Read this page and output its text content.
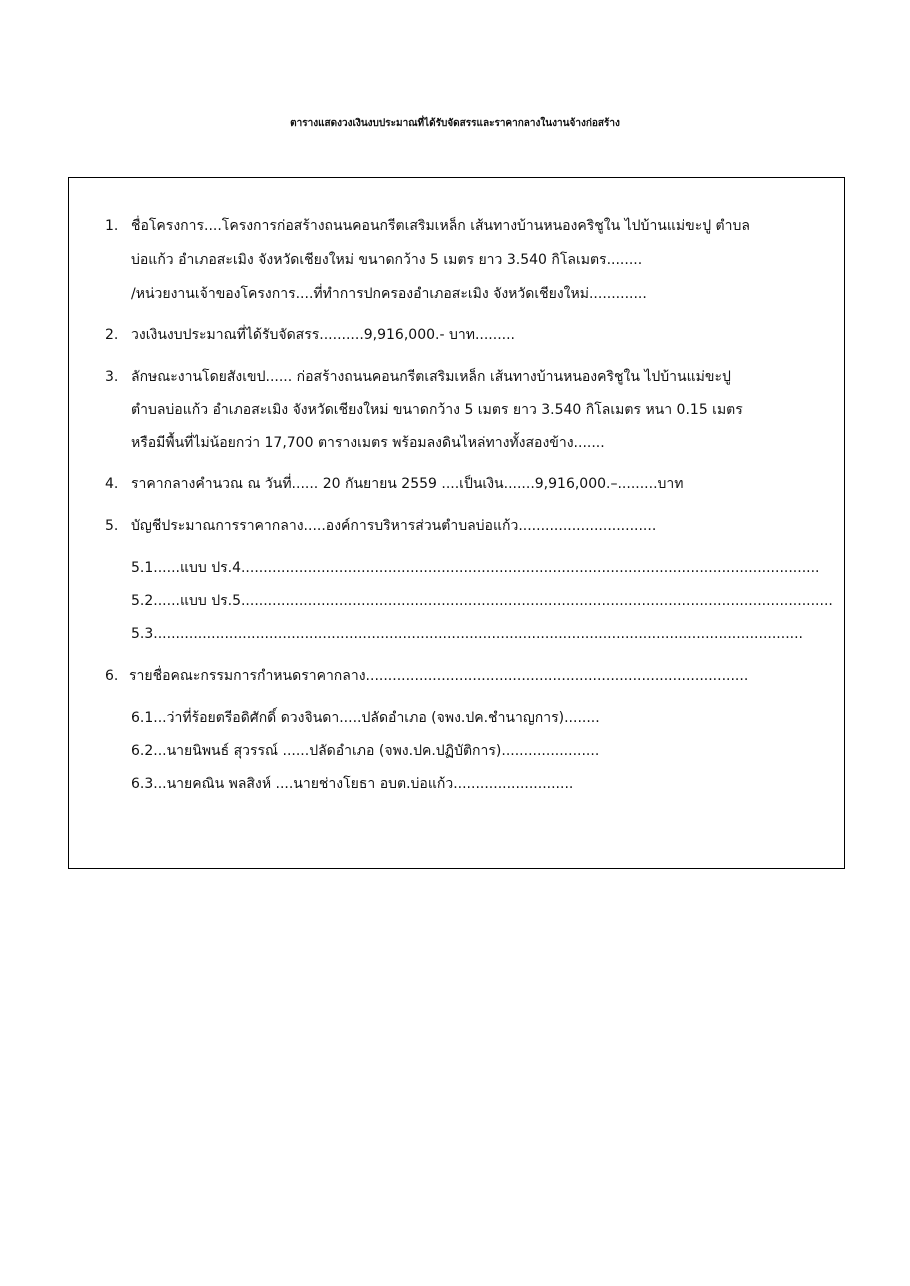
ตารางแสดงวงเงินงบประมาณที่ได้รับจัดสรรและราคากลางในงานจ้างก่อสร้าง
1. ชื่อโครงการ....โครงการก่อสร้างถนนคอนกรีตเสริมเหล็ก เส้นทางบ้านหนองคริชูใน ไปบ้านแม่ขะปู ตำบล
บ่อแก้ว อำเภอสะเมิง จังหวัดเชียงใหม่ ขนาดกว้าง 5 เมตร ยาว 3.540 กิโลเมตร........
/หน่วยงานเจ้าของโครงการ....ที่ทำการปกครองอำเภอสะเมิง จังหวัดเชียงใหม่.............
2. วงเงินงบประมาณที่ได้รับจัดสรร..........9,916,000.- บาท.........
3. ลักษณะงานโดยสังเขป...... ก่อสร้างถนนคอนกรีตเสริมเหล็ก เส้นทางบ้านหนองคริชูใน ไปบ้านแม่ขะปู
ตำบลบ่อแก้ว อำเภอสะเมิง จังหวัดเชียงใหม่ ขนาดกว้าง 5 เมตร ยาว 3.540 กิโลเมตร หนา 0.15 เมตร
หรือมีพื้นที่ไม่น้อยกว่า 17,700 ตารางเมตร พร้อมลงดินไหล่ทางทั้งสองข้าง.......
4. ราคากลางคำนวณ ณ วันที่...... 20 กันยายน 2559 ....เป็นเงิน.......9,916,000.–.........บาท
5. บัญชีประมาณการราคากลาง.....องค์การบริหารส่วนตำบลบ่อแก้ว...............................
5.1......แบบ ปร.4..................................................................................................................................
5.2......แบบ ปร.5.....................................................................................................................................
5.3..................................................................................................................................................
6. รายชื่อคณะกรรมการกำหนดราคากลาง......................................................................................
6.1...ว่าที่ร้อยตรีอดิศักดิ์ ดวงจินดา.....ปลัดอำเภอ (จพง.ปค.ชำนาญการ)........
6.2...นายนิพนธ์ สุวรรณ์ ......ปลัดอำเภอ (จพง.ปค.ปฏิบัติการ)......................
6.3...นายคณิน พลสิงห์ ....นายช่างโยธา อบต.บ่อแก้ว...........................
